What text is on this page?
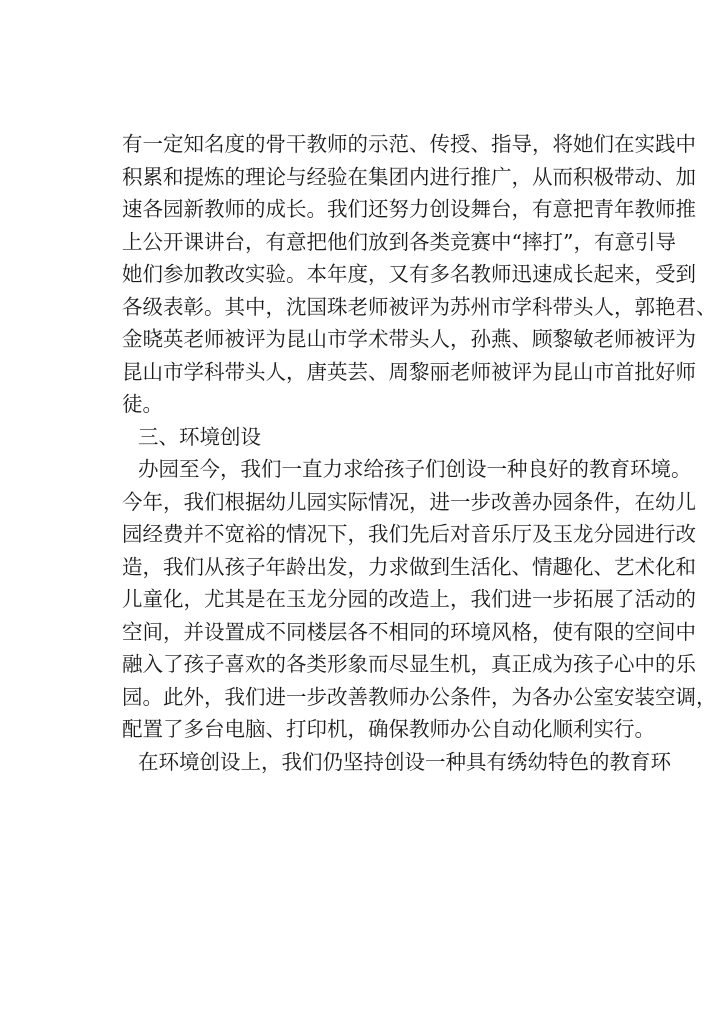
有一定知名度的骨干教师的示范、传授、指导，将她们在实践中
积累和提炼的理论与经验在集团内进行推广，从而积极带动、加
速各园新教师的成长。我们还努力创设舞台，有意把青年教师推
上公开课讲台，有意把他们放到各类竞赛中“摔打”，有意引导
她们参加教改实验。本年度，又有多名教师迅速成长起来，受到
各级表彰。其中，沈国珠老师被评为苏州市学科带头人，郭艳君、
金晓英老师被评为昆山市学术带头人，孙燕、顾黎敏老师被评为
昆山市学科带头人，唐英芸、周黎丽老师被评为昆山市首批好师
徒。
三、环境创设
办园至今，我们一直力求给孩子们创设一种良好的教育环境。
今年，我们根据幼儿园实际情况，进一步改善办园条件，在幼儿
园经费并不宽裕的情况下，我们先后对音乐厅及玉龙分园进行改
造，我们从孩子年龄出发，力求做到生活化、情趣化、艺术化和
儿童化，尤其是在玉龙分园的改造上，我们进一步拓展了活动的
空间，并设置成不同楼层各不相同的环境风格，使有限的空间中
融入了孩子喜欢的各类形象而尽显生机，真正成为孩子心中的乐
园。此外，我们进一步改善教师办公条件，为各办公室安装空调，
配置了多台电脑、打印机，确保教师办公自动化顺利实行。
在环境创设上，我们仍坚持创设一种具有绣幼特色的教育环
